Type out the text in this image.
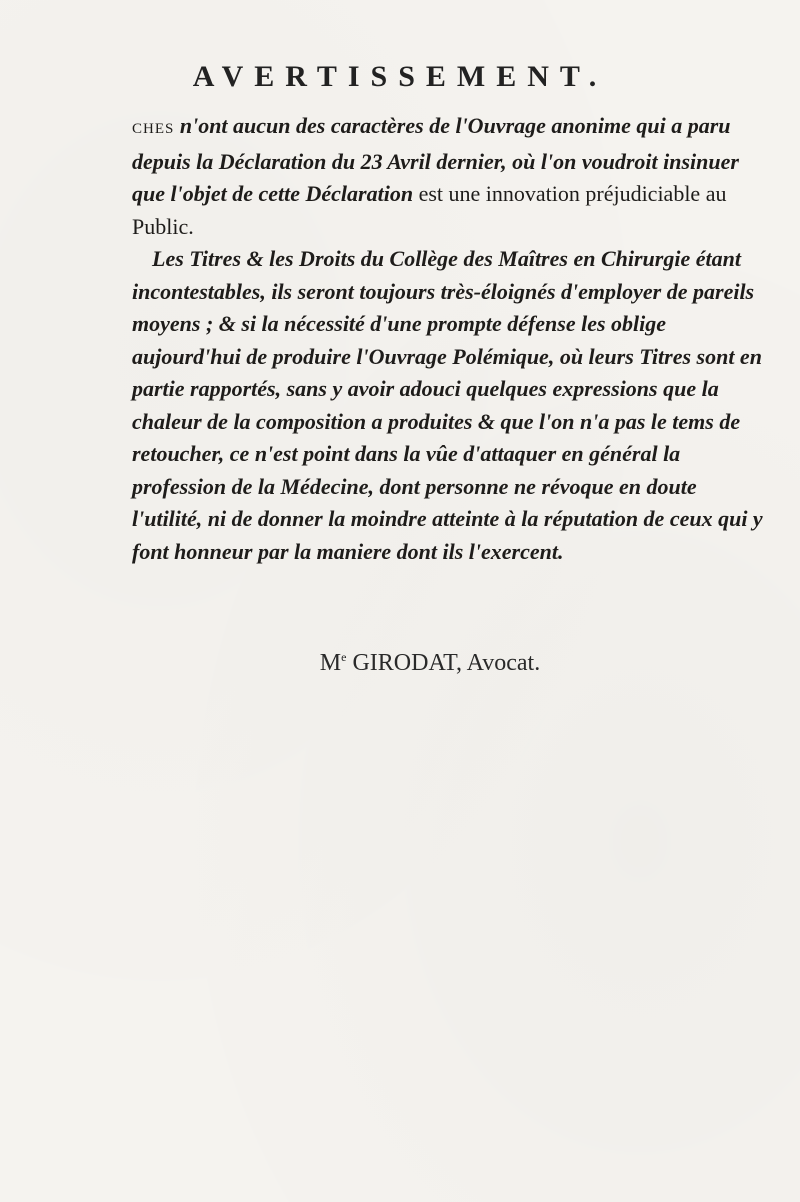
AVERTISSEMENT.

CHES n'ont aucun des caractères de l'Ouvrage anonime qui a paru depuis la Déclaration du 23 Avril dernier, où l'on voudroit insinuer que l'objet de cette Déclaration est une innovation préjudiciable au Public.

Les Titres & les Droits du Collège des Maîtres en Chirurgie étant incontestables, ils seront toujours très-éloignés d'employer de pareils moyens ; & si la nécessité d'une prompte défense les oblige aujourd'hui de produire l'Ouvrage Polémique, où leurs Titres sont en partie rapportés, sans y avoir adouci quelques expressions que la chaleur de la composition a produites & que l'on n'a pas le tems de retoucher, ce n'est point dans la vûe d'attaquer en général la profession de la Médecine, dont personne ne révoque en doute l'utilité, ni de donner la moindre atteinte à la réputation de ceux qui y font honneur par la maniere dont ils l'exercent.

Me GIRODAT, Avocat.
